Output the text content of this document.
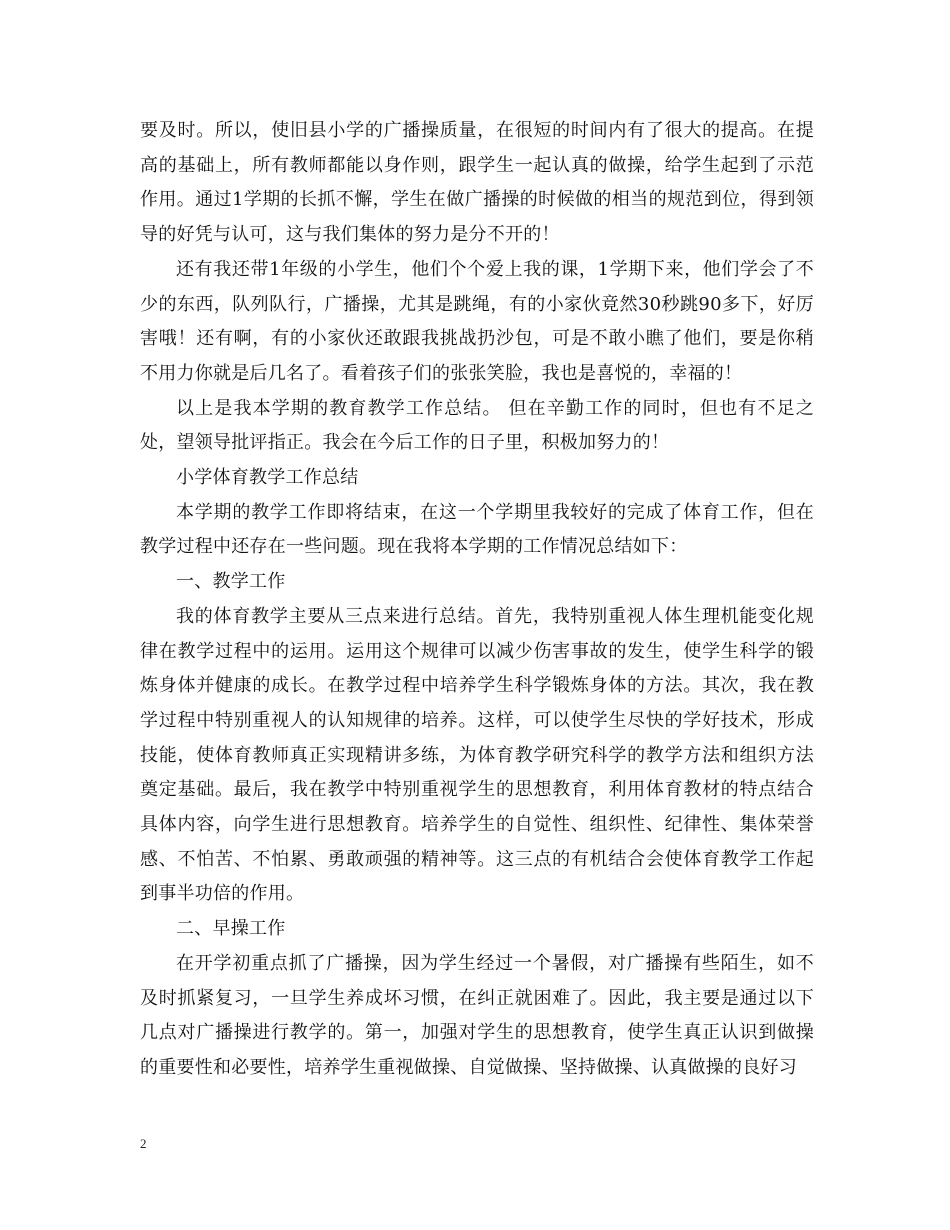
要及时。所以，使旧县小学的广播操质量，在很短的时间内有了很大的提高。在提高的基础上，所有教师都能以身作则，跟学生一起认真的做操，给学生起到了示范作用。通过1学期的长抓不懈，学生在做广播操的时候做的相当的规范到位，得到领导的好凭与认可，这与我们集体的努力是分不开的！

还有我还带1年级的小学生，他们个个爱上我的课，1学期下来，他们学会了不少的东西，队列队行，广播操，尤其是跳绳，有的小家伙竟然30秒跳90多下，好厉害哦！还有啊，有的小家伙还敢跟我挑战扔沙包，可是不敢小瞧了他们，要是你稍不用力你就是后几名了。看着孩子们的张张笑脸，我也是喜悦的，幸福的！

以上是我本学期的教育教学工作总结。 但在辛勤工作的同时，但也有不足之处，望领导批评指正。我会在今后工作的日子里，积极加努力的！

小学体育教学工作总结

本学期的教学工作即将结束，在这一个学期里我较好的完成了体育工作，但在教学过程中还存在一些问题。现在我将本学期的工作情况总结如下：

一、教学工作

我的体育教学主要从三点来进行总结。首先，我特别重视人体生理机能变化规律在教学过程中的运用。运用这个规律可以减少伤害事故的发生，使学生科学的锻炼身体并健康的成长。在教学过程中培养学生科学锻炼身体的方法。其次，我在教学过程中特别重视人的认知规律的培养。这样，可以使学生尽快的学好技术，形成技能，使体育教师真正实现精讲多练，为体育教学研究科学的教学方法和组织方法奠定基础。最后，我在教学中特别重视学生的思想教育，利用体育教材的特点结合具体内容，向学生进行思想教育。培养学生的自觉性、组织性、纪律性、集体荣誉感、不怕苦、不怕累、勇敢顽强的精神等。这三点的有机结合会使体育教学工作起到事半功倍的作用。

二、早操工作

在开学初重点抓了广播操，因为学生经过一个暑假，对广播操有些陌生，如不及时抓紧复习，一旦学生养成坏习惯，在纠正就困难了。因此，我主要是通过以下几点对广播操进行教学的。第一，加强对学生的思想教育，使学生真正认识到做操的重要性和必要性，培养学生重视做操、自觉做操、坚持做操、认真做操的良好习

2
